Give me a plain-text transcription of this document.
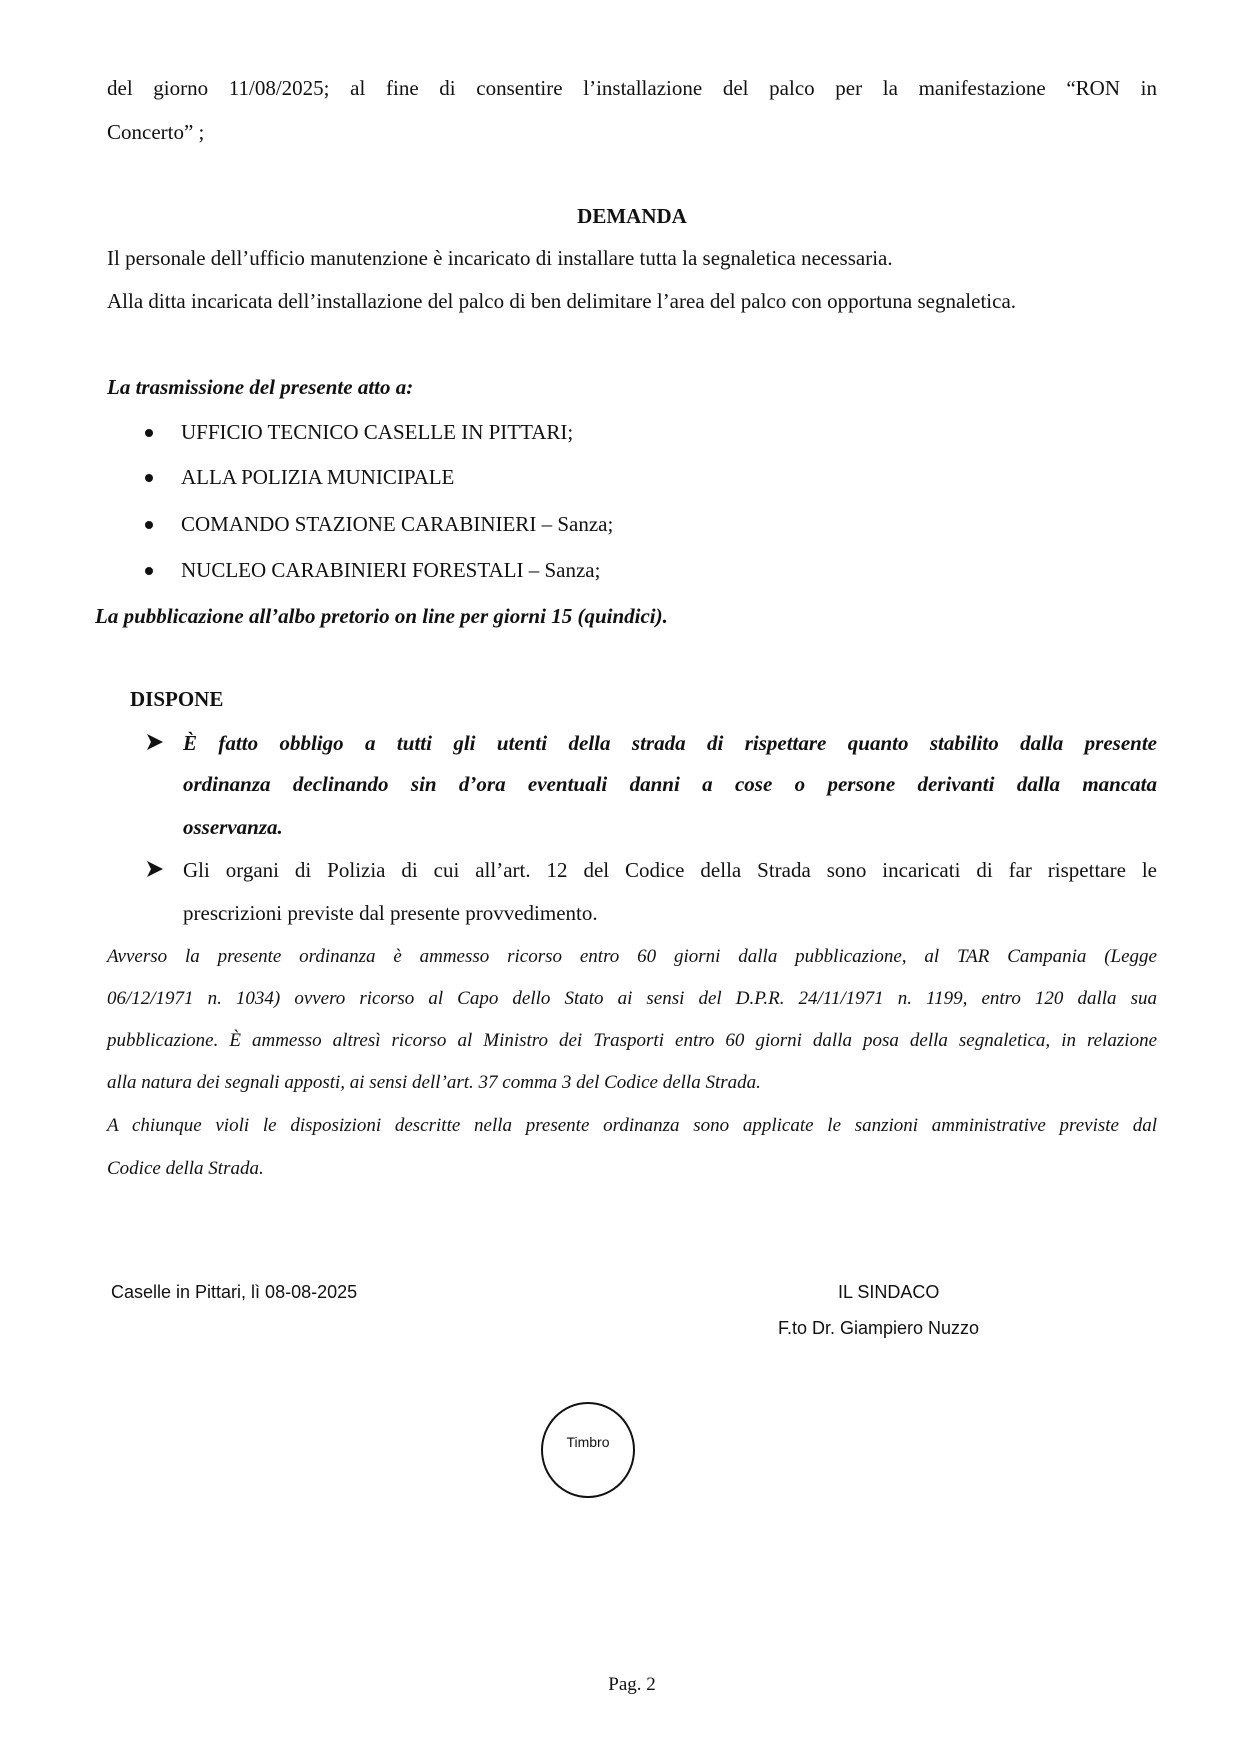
del giorno 11/08/2025; al fine di consentire l’installazione del palco per la manifestazione “RON in
Concerto” ;
DEMANDA
Il personale dell’ufficio manutenzione è incaricato di installare tutta la segnaletica necessaria.
Alla ditta incaricata dell’installazione del palco di ben delimitare l’area del palco con opportuna segnaletica.
La trasmissione del presente atto a:
UFFICIO TECNICO CASELLE IN PITTARI;
ALLA POLIZIA MUNICIPALE
COMANDO STAZIONE CARABINIERI – Sanza;
NUCLEO CARABINIERI FORESTALI – Sanza;
La pubblicazione all’albo pretorio on line per giorni 15 (quindici).
DISPONE
È fatto obbligo a tutti gli utenti della strada di rispettare quanto stabilito dalla presente
ordinanza declinando sin d’ora eventuali danni a cose o persone derivanti dalla mancata
osservanza.
Gli organi di Polizia di cui all’art. 12 del Codice della Strada sono incaricati di far rispettare le
prescrizioni previste dal presente provvedimento.
Avverso la presente ordinanza è ammesso ricorso entro 60 giorni dalla pubblicazione, al TAR Campania (Legge
06/12/1971 n. 1034) ovvero ricorso al Capo dello Stato ai sensi del D.P.R. 24/11/1971 n. 1199, entro 120 dalla sua
pubblicazione. È ammesso altresì ricorso al Ministro dei Trasporti entro 60 giorni dalla posa della segnaletica, in relazione
alla natura dei segnali apposti, ai sensi dell’art. 37 comma 3 del Codice della Strada.
A chiunque violi le disposizioni descritte nella presente ordinanza sono applicate le sanzioni amministrative previste dal
Codice della Strada.
Caselle in Pittari, lì 08-08-2025	IL SINDACO
F.to Dr. Giampiero Nuzzo
Timbro
Pag. 2
